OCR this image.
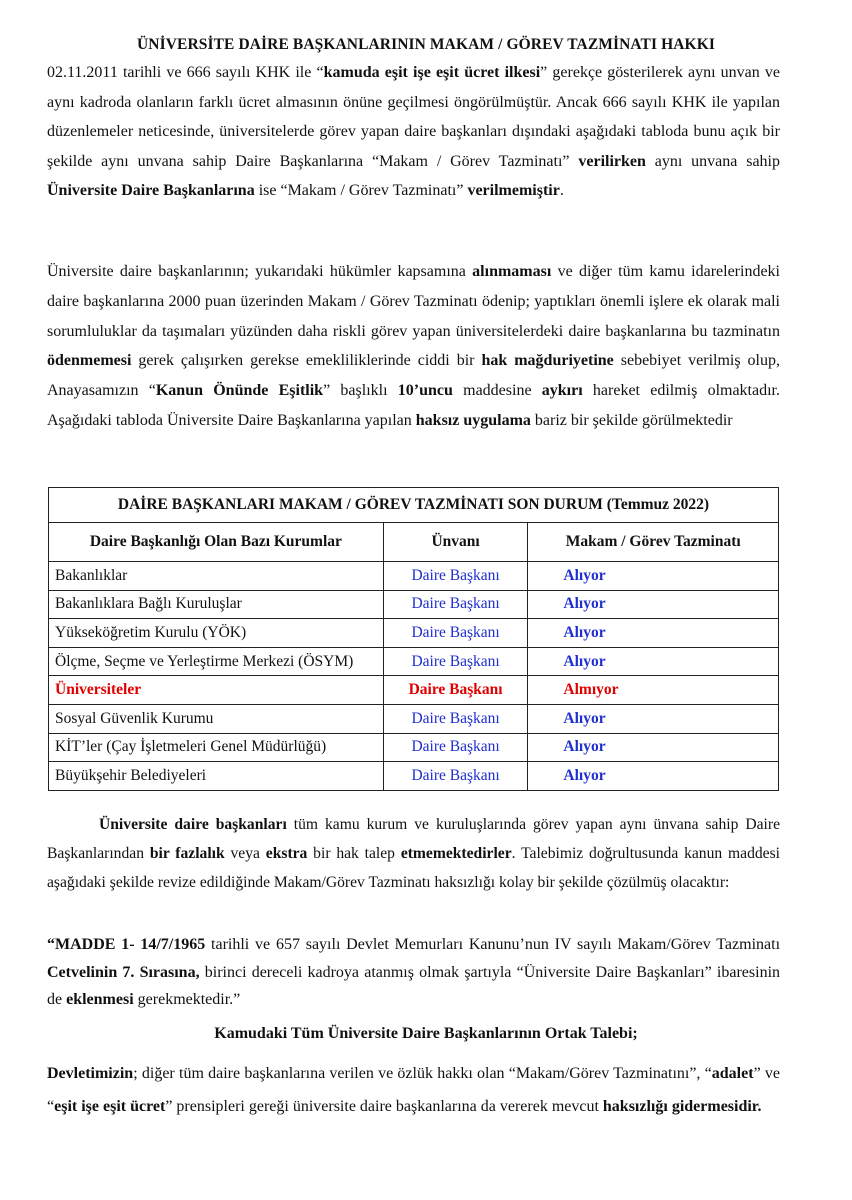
ÜNİVERSİTE DAİRE BAŞKANLARININ MAKAM / GÖREV TAZMİNATI HAKKI

02.11.2011 tarihli ve 666 sayılı KHK ile “kamuda eşit işe eşit ücret ilkesi” gerekçe gösterilerek aynı unvan ve aynı kadroda olanların farklı ücret almasının önüne geçilmesi öngörülmüştür. Ancak 666 sayılı KHK ile yapılan düzenlemeler neticesinde, üniversitelerde görev yapan daire başkanları dışındaki aşağıdaki tabloda bunu açık bir şekilde aynı unvana sahip Daire Başkanlarına “Makam / Görev Tazminatı” verilirken aynı unvana sahip Üniversite Daire Başkanlarına ise “Makam / Görev Tazminatı” verilmemiştir.

Üniversite daire başkanlarının; yukarıdaki hükümler kapsamına alınmaması ve diğer tüm kamu idarelerindeki daire başkanlarına 2000 puan üzerinden Makam / Görev Tazminatı ödenip; yaptıkları önemli işlere ek olarak mali sorumluluklar da taşımaları yüzünden daha riskli görev yapan üniversitelerdeki daire başkanlarına bu tazminatın ödenmemesi gerek çalışırken gerekse emekliliklerinde ciddi bir hak mağduriyetine sebebiyet verilmiş olup, Anayasamızın “Kanun Önünde Eşitlik” başlıklı 10’uncu maddesine aykırı hareket edilmiş olmaktadır. Aşağıdaki tabloda Üniversite Daire Başkanlarına yapılan haksız uygulama bariz bir şekilde görülmektedir

DAİRE BAŞKANLARI MAKAM / GÖREV TAZMİNATI SON DURUM (Temmuz 2022)		
Daire Başkanlığı Olan Bazı Kurumlar	Ünvanı	Makam / Görev Tazminatı
Bakanlıklar	Daire Başkanı	Alıyor
Bakanlıklara Bağlı Kuruluşlar	Daire Başkanı	Alıyor
Yükseköğretim Kurulu (YÖK)	Daire Başkanı	Alıyor
Ölçme, Seçme ve Yerleştirme Merkezi (ÖSYM)	Daire Başkanı	Alıyor
Üniversiteler	Daire Başkanı	Almıyor
Sosyal Güvenlik Kurumu	Daire Başkanı	Alıyor
KİT’ler (Çay İşletmeleri Genel Müdürlüğü)	Daire Başkanı	Alıyor
Büyükşehir Belediyeleri	Daire Başkanı	Alıyor

Üniversite daire başkanları tüm kamu kurum ve kuruluşlarında görev yapan aynı ünvana sahip Daire Başkanlarından bir fazlalık veya ekstra bir hak talep etmemektedirler. Talebimiz doğrultusunda kanun maddesi aşağıdaki şekilde revize edildiğinde Makam/Görev Tazminatı haksızlığı kolay bir şekilde çözülmüş olacaktır:

“MADDE 1- 14/7/1965 tarihli ve 657 sayılı Devlet Memurları Kanunu’nun IV sayılı Makam/Görev Tazminatı Cetvelinin 7. Sırasına, birinci dereceli kadroya atanmış olmak şartıyla “Üniversite Daire Başkanları” ibaresinin de eklenmesi gerekmektedir.”

Kamudaki Tüm Üniversite Daire Başkanlarının Ortak Talebi;

Devletimizin; diğer tüm daire başkanlarına verilen ve özlük hakkı olan “Makam/Görev Tazminatını”, “adalet” ve “eşit işe eşit ücret” prensipleri gereği üniversite daire başkanlarına da vererek mevcut haksızlığı gidermesidir.
